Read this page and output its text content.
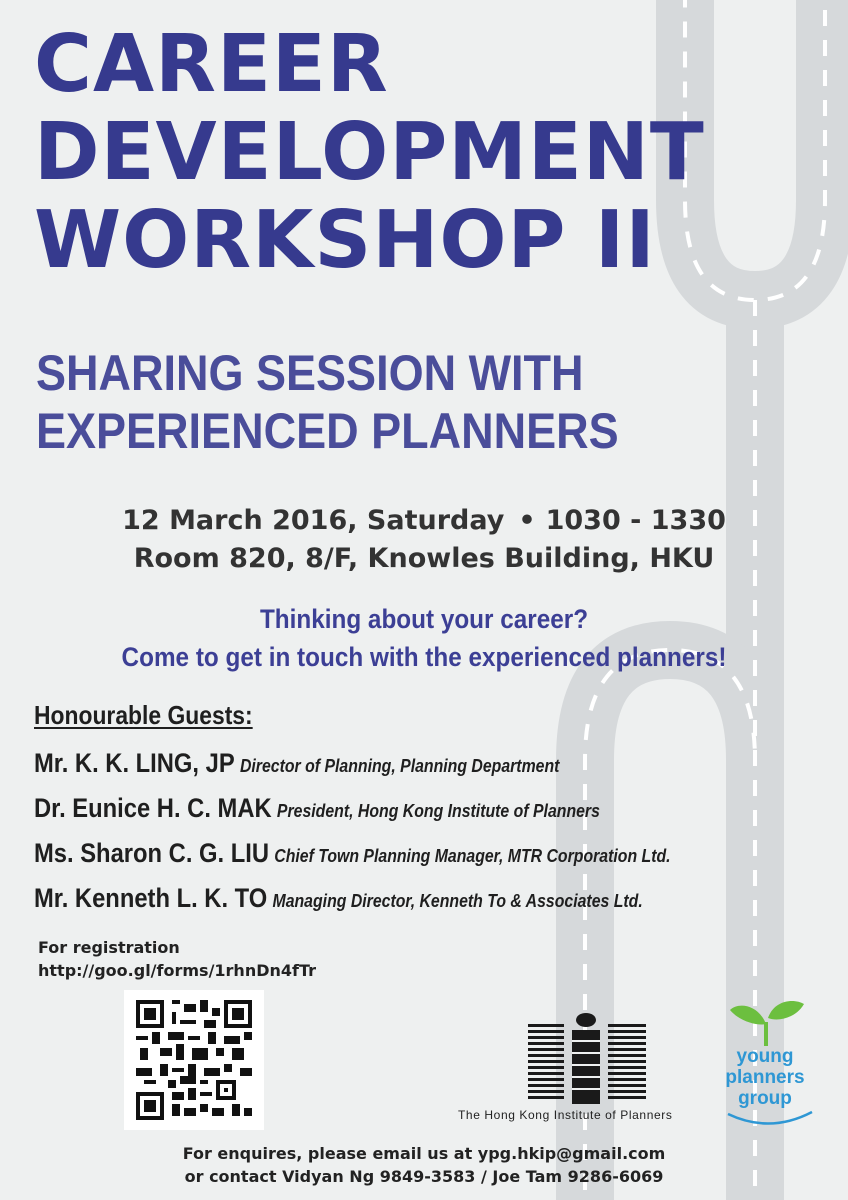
CAREER
DEVELOPMENT
WORKSHOP II
SHARING SESSION WITH
EXPERIENCED PLANNERS
12 March 2016, Saturday • 1030 - 1330
Room 820, 8/F, Knowles Building, HKU
Thinking about your career?
Come to get in touch with the experienced planners!
Honourable Guests:
Mr. K. K. LING, JP Director of Planning, Planning Department
Dr. Eunice H. C. MAK President, Hong Kong Institute of Planners
Ms. Sharon C. G. LIU Chief Town Planning Manager, MTR Corporation Ltd.
Mr. Kenneth L. K. TO Managing Director, Kenneth To & Associates Ltd.
For registration
http://goo.gl/forms/1rhnDn4fTr
The Hong Kong Institute of Planners
young
planners
group
For enquires, please email us at ypg.hkip@gmail.com
or contact Vidyan Ng 9849-3583 / Joe Tam 9286-6069
